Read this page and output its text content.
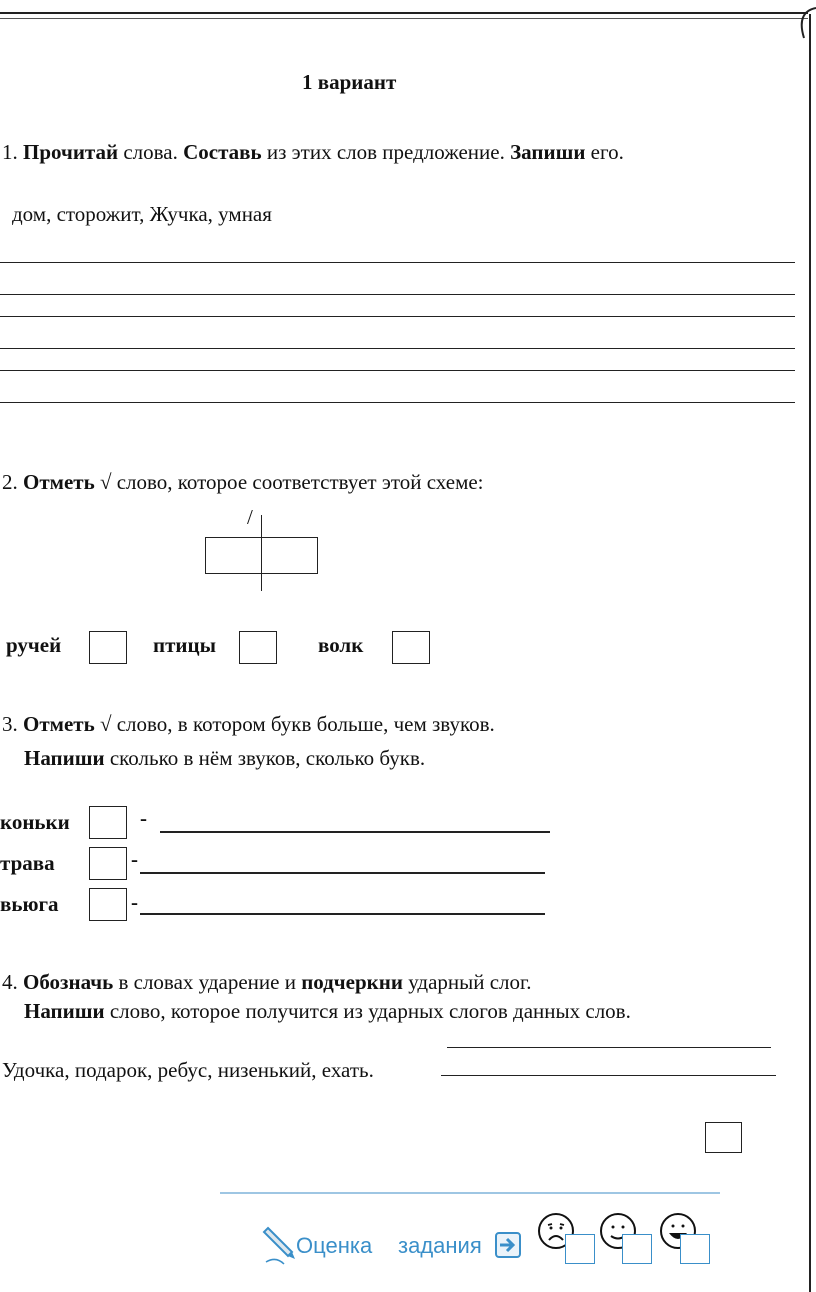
1 вариант
1. Прочитай слова. Составь из этих слов предложение. Запиши его.
дом, сторожит, Жучка, умная
2. Отметь √ слово, которое соответствует этой схеме:
/
ручей	птицы	волк
3. Отметь √ слово, в котором букв больше, чем звуков.
Напиши сколько в нём звуков, сколько букв.
коньки	-
трава	-
вьюга	-
4. Обозначь в словах ударение и подчеркни ударный слог.
Напиши слово, которое получится из ударных слогов данных слов.
Удочка, подарок, ребус, низенький, ехать.
Оценка задания
